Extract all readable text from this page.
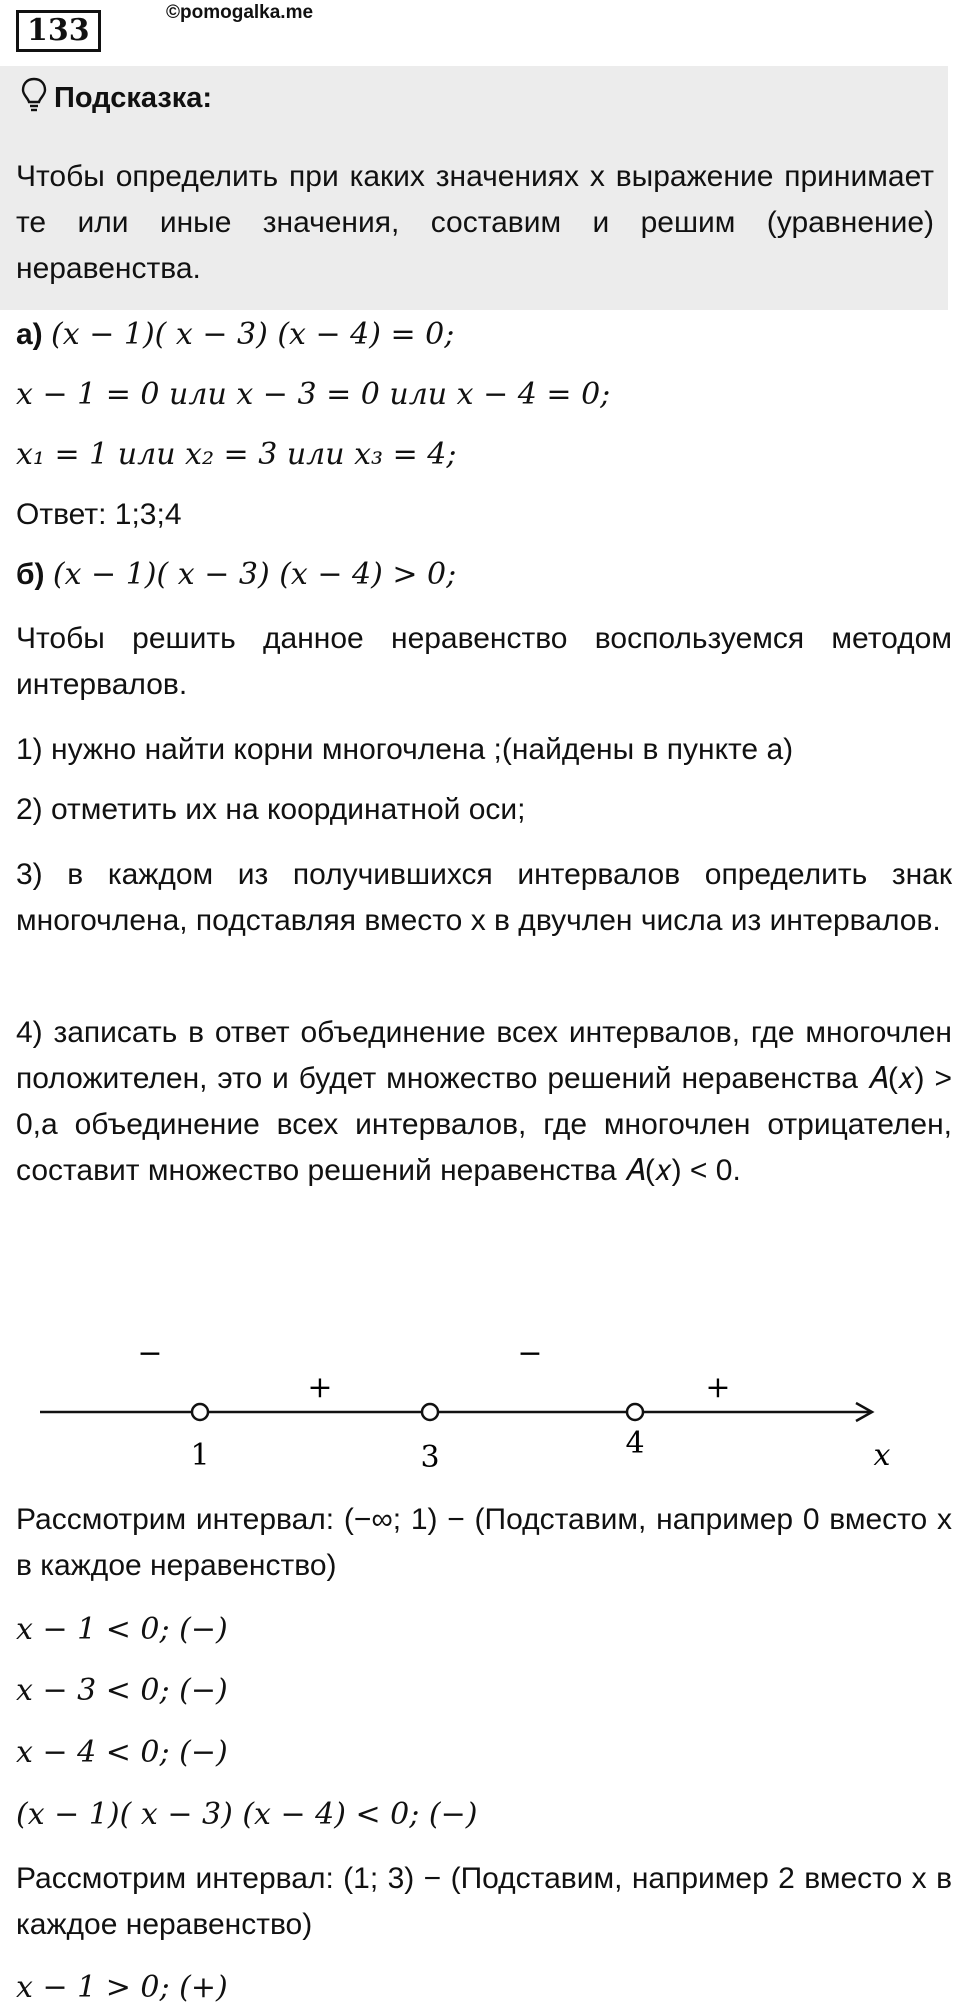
133
©pomogalka.me
Подсказка:
Чтобы определить при каких значениях x выражение принимает те или иные значения, составим и решим (уравнение) неравенства.
а) (𝑥 − 1)( 𝑥 − 3) (𝑥 − 4) = 0;
𝑥 − 1 = 0 или 𝑥 − 3 = 0 или 𝑥 − 4 = 0;
𝑥₁ = 1 или 𝑥₂ = 3 или 𝑥₃ = 4;
Ответ: 1;3;4
б) (𝑥 − 1)( 𝑥 − 3) (𝑥 − 4) > 0;
Чтобы решить данное неравенство воспользуемся методом интервалов.
1) нужно найти корни многочлена ;(найдены в пункте а)
2) отметить их на координатной оси;
3) в каждом из получившихся интервалов определить знак многочлена, подставляя вместо x в двучлен числа из интервалов.
4) записать в ответ объединение всех интервалов, где многочлен положителен, это и будет множество решений неравенства 𝐴(𝑥) > 0,а объединение всех интервалов, где многочлен отрицателен, составит множество решений неравенства 𝐴(𝑥) < 0.
−
+
−
+
1	3	4	x
Рассмотрим интервал: (−∞; 1) − (Подставим, например 0 вместо x в каждое неравенство)
𝑥 − 1 < 0; (−)
𝑥 − 3 < 0; (−)
𝑥 − 4 < 0; (−)
(𝑥 − 1)( 𝑥 − 3) (𝑥 − 4) < 0; (−)
Рассмотрим интервал: (1; 3) − (Подставим, например 2 вместо x в каждое неравенство)
𝑥 − 1 > 0; (+)
